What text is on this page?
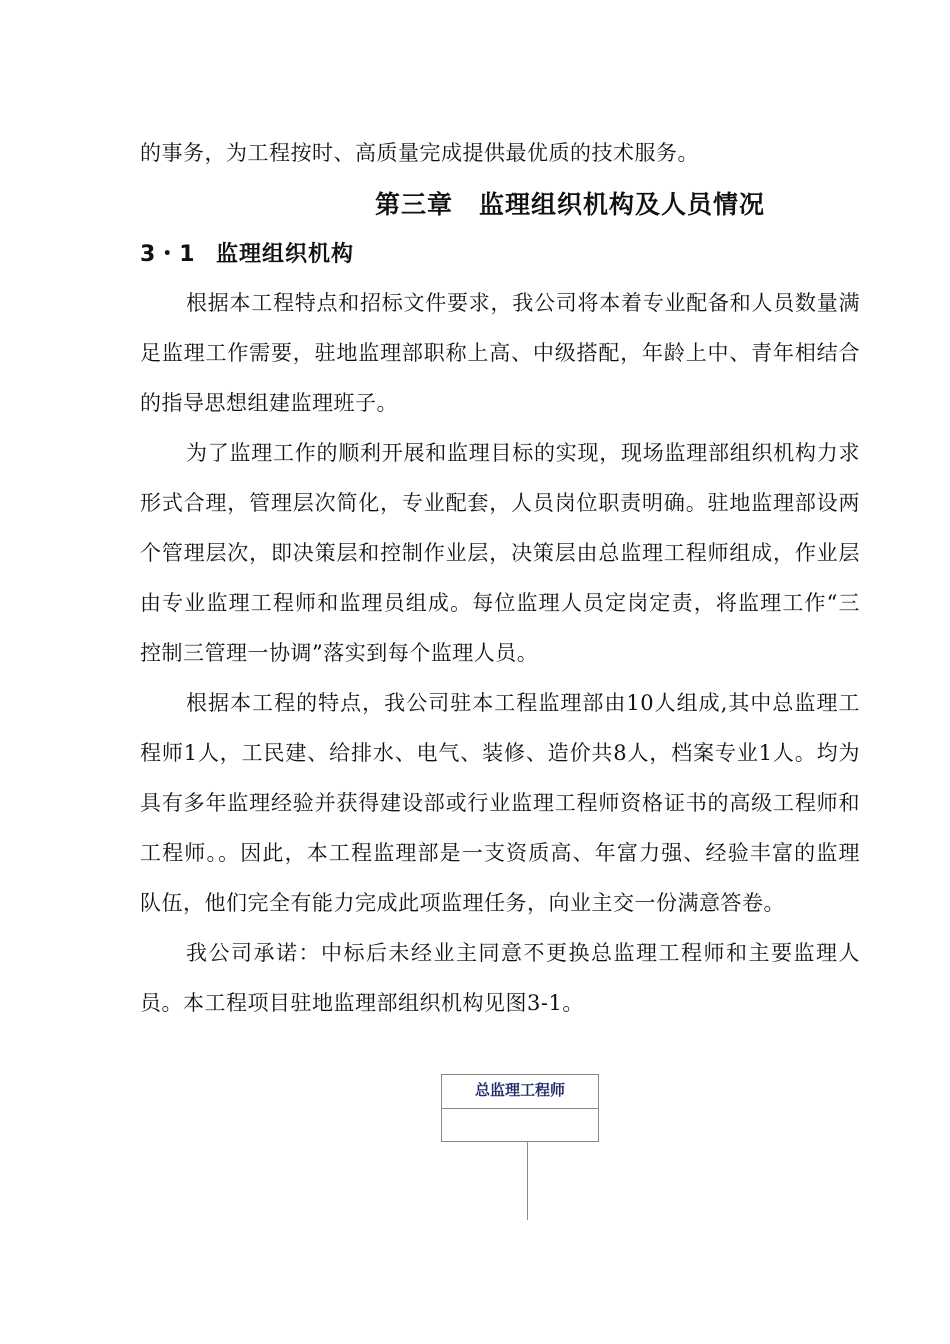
的事务，为工程按时、高质量完成提供最优质的技术服务。

第三章　监理组织机构及人员情况
3・1 监理组织机构

根据本工程特点和招标文件要求，我公司将本着专业配备和人员数量满足监理工作需要，驻地监理部职称上高、中级搭配，年龄上中、青年相结合的指导思想组建监理班子。

为了监理工作的顺利开展和监理目标的实现，现场监理部组织机构力求形式合理，管理层次简化，专业配套，人员岗位职责明确。驻地监理部设两个管理层次，即决策层和控制作业层，决策层由总监理工程师组成，作业层由专业监理工程师和监理员组成。每位监理人员定岗定责，将监理工作“三控制三管理一协调”落实到每个监理人员。

根据本工程的特点，我公司驻本工程监理部由10人组成,其中总监理工程师1人，工民建、给排水、电气、装修、造价共8人，档案专业1人。均为具有多年监理经验并获得建设部或行业监理工程师资格证书的高级工程师和工程师。。因此，本工程监理部是一支资质高、年富力强、经验丰富的监理队伍，他们完全有能力完成此项监理任务，向业主交一份满意答卷。

我公司承诺：中标后未经业主同意不更换总监理工程师和主要监理人员。本工程项目驻地监理部组织机构见图3-1。

总监理工程师
